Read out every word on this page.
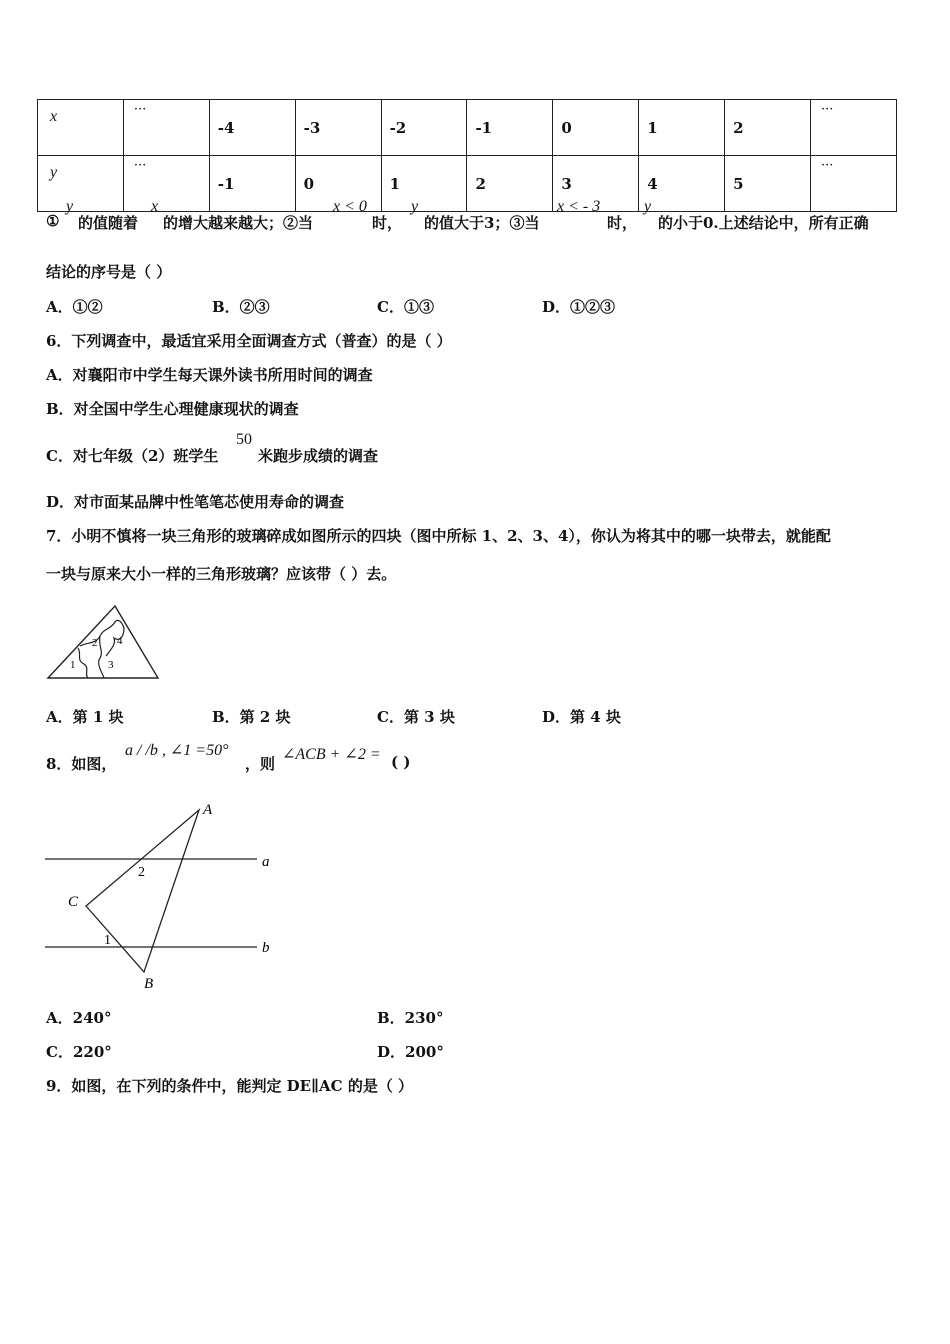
x	···	-4	-3	-2	-1	0	1	2	···
y	···	-1	0	1	2	3	4	5	···
①
y
的值随着
x
的增大越来越大；②当
x < 0
时，
y
的值大于3；③当
x < - 3
时，
y
的小于0.上述结论中，所有正确
结论的序号是（ ）
A．①②	B．②③	C．①③	D．①②③
6．下列调查中，最适宜采用全面调查方式（普查）的是（ ）
A．对襄阳市中学生每天课外读书所用时间的调查
B．对全国中学生心理健康现状的调查
C．对七年级（2）班学生
50
米跑步成绩的调查
D．对市面某品牌中性笔笔芯使用寿命的调查
7．小明不慎将一块三角形的玻璃碎成如图所示的四块（图中所标 1、2、3、4），你认为将其中的哪一块带去，就能配
一块与原来大小一样的三角形玻璃？应该带（ ）去。
1
2
3
4
A．第 1 块	B．第 2 块	C．第 3 块	D．第 4 块
8．如图，
a / /b , ∠1 =50°
，则
∠ACB + ∠2 = ( )
A
B
C
a
b
1
2
A．240°	B．230°
C．220°	D．200°
9．如图，在下列的条件中，能判定 DE∥AC 的是（ ）
